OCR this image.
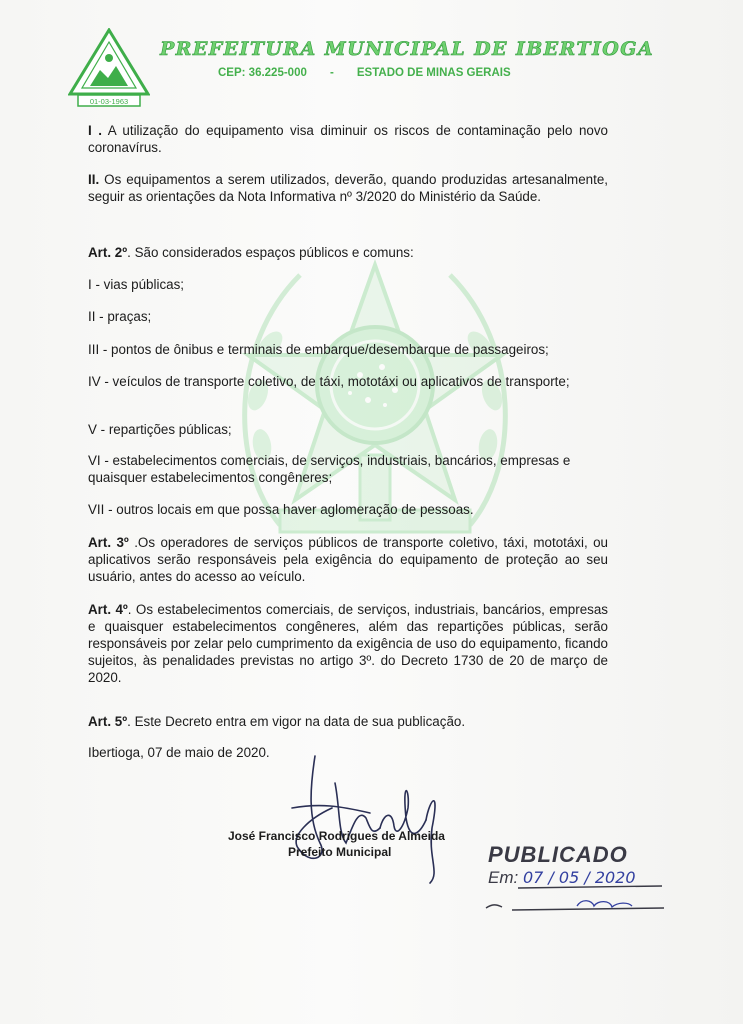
01-03-1963
PREFEITURA MUNICIPAL DE IBERTIOGA
CEP: 36.225-000 - ESTADO DE MINAS GERAIS

I . A utilização do equipamento visa diminuir os riscos de contaminação pelo novo coronavírus.

II. Os equipamentos a serem utilizados, deverão, quando produzidas artesanalmente, seguir as orientações da Nota Informativa nº 3/2020 do Ministério da Saúde.

Art. 2º. São considerados espaços públicos e comuns:

I - vias públicas;

II - praças;

III - pontos de ônibus e terminais de embarque/desembarque de passageiros;

IV - veículos de transporte coletivo, de táxi, mototáxi ou aplicativos de transporte;

V - repartições públicas;

VI - estabelecimentos comerciais, de serviços, industriais, bancários, empresas e quaisquer estabelecimentos congêneres;

VII - outros locais em que possa haver aglomeração de pessoas.

Art. 3º .Os operadores de serviços públicos de transporte coletivo, táxi, mototáxi, ou aplicativos serão responsáveis pela exigência do equipamento de proteção ao seu usuário, antes do acesso ao veículo.

Art. 4º. Os estabelecimentos comerciais, de serviços, industriais, bancários, empresas e quaisquer estabelecimentos congêneres, além das repartições públicas, serão responsáveis por zelar pelo cumprimento da exigência de uso do equipamento, ficando sujeitos, às penalidades previstas no artigo 3º. do Decreto 1730 de 20 de março de 2020.

Art. 5º. Este Decreto entra em vigor na data de sua publicação.

Ibertioga, 07 de maio de 2020.

José Francisco Rodrigues de Almeida
Prefeito Municipal	PUBLICADO
Em: 07 / 05 / 2020
